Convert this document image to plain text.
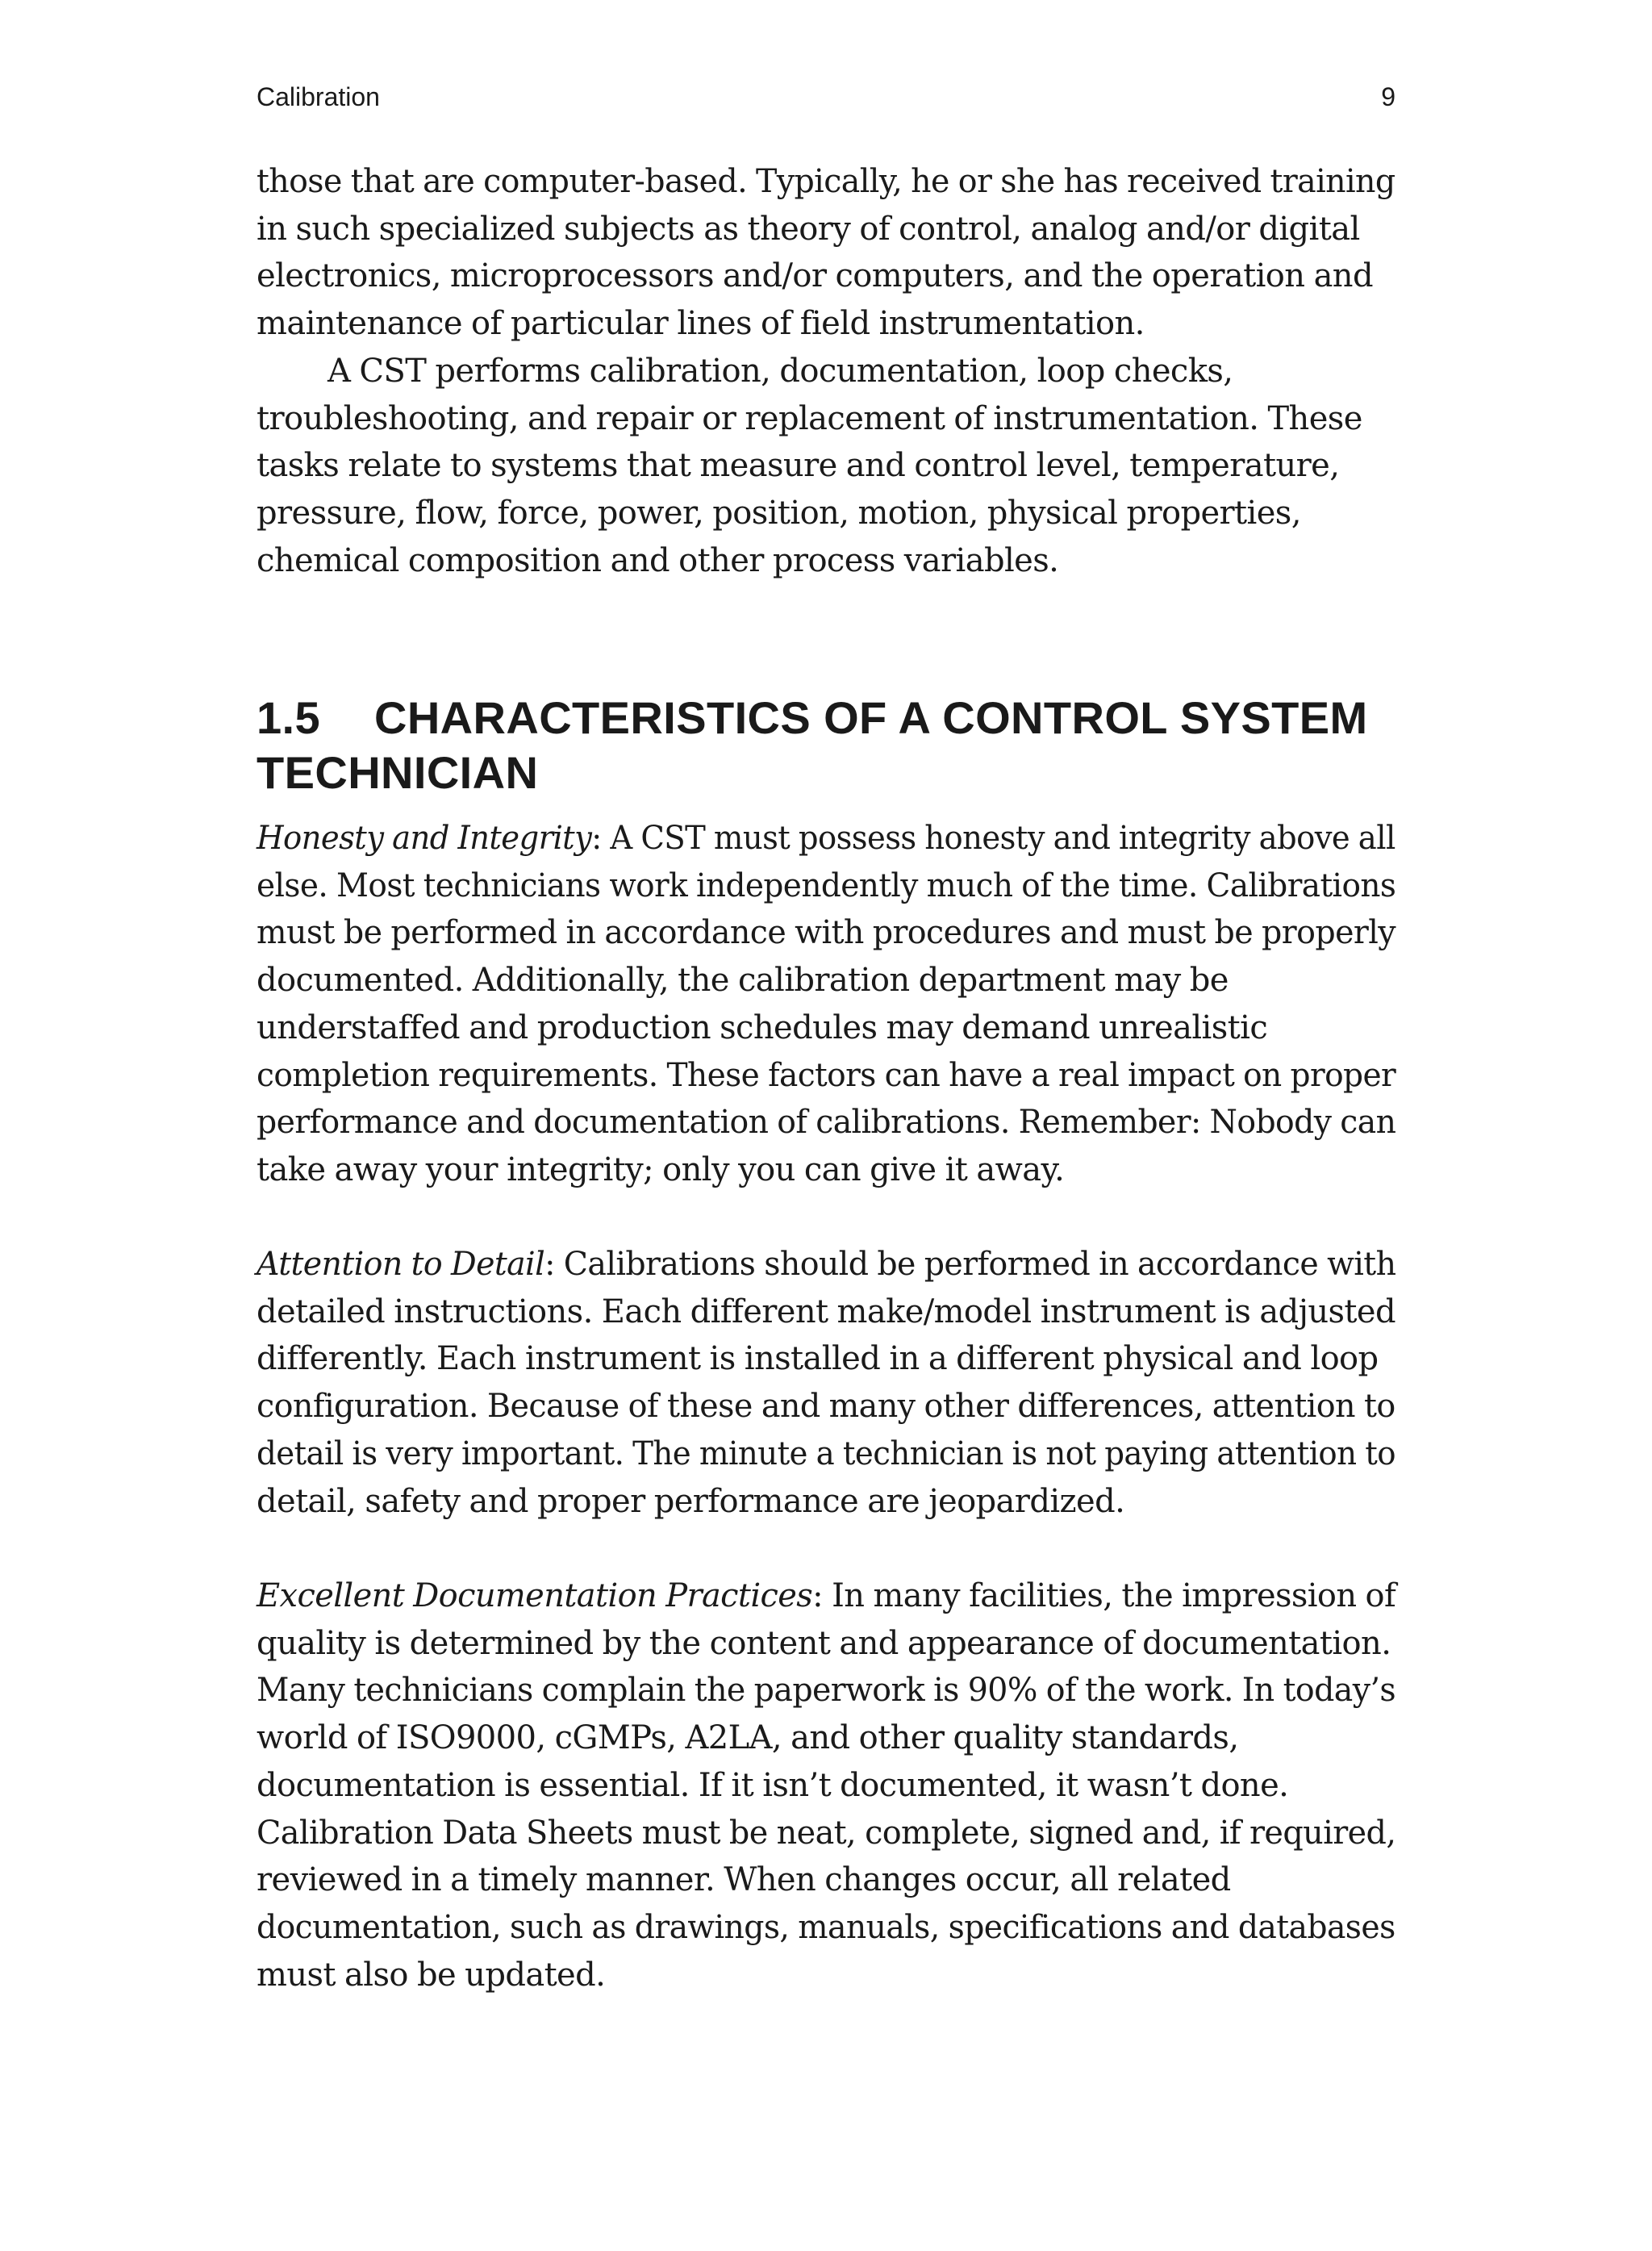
Calibration	9
those that are computer-based. Typically, he or she has received training
in such specialized subjects as theory of control, analog and/or digital
electronics, microprocessors and/or computers, and the operation and
maintenance of particular lines of field instrumentation.
A CST performs calibration, documentation, loop checks,
troubleshooting, and repair or replacement of instrumentation. These
tasks relate to systems that measure and control level, temperature,
pressure, flow, force, power, position, motion, physical properties,
chemical composition and other process variables.
1.5 CHARACTERISTICS OF A CONTROL SYSTEM
TECHNICIAN
Honesty and Integrity: A CST must possess honesty and integrity above all
else. Most technicians work independently much of the time. Calibrations
must be performed in accordance with procedures and must be properly
documented. Additionally, the calibration department may be
understaffed and production schedules may demand unrealistic
completion requirements. These factors can have a real impact on proper
performance and documentation of calibrations. Remember: Nobody can
take away your integrity; only you can give it away.
Attention to Detail: Calibrations should be performed in accordance with
detailed instructions. Each different make/model instrument is adjusted
differently. Each instrument is installed in a different physical and loop
configuration. Because of these and many other differences, attention to
detail is very important. The minute a technician is not paying attention to
detail, safety and proper performance are jeopardized.
Excellent Documentation Practices: In many facilities, the impression of
quality is determined by the content and appearance of documentation.
Many technicians complain the paperwork is 90% of the work. In today’s
world of ISO9000, cGMPs, A2LA, and other quality standards,
documentation is essential. If it isn’t documented, it wasn’t done.
Calibration Data Sheets must be neat, complete, signed and, if required,
reviewed in a timely manner. When changes occur, all related
documentation, such as drawings, manuals, specifications and databases
must also be updated.
